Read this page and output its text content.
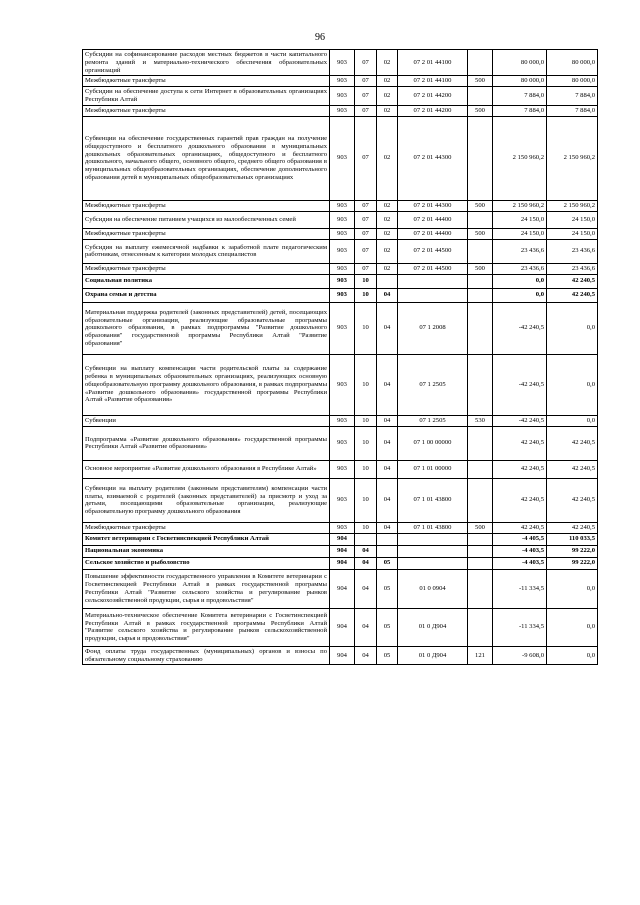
96
Субсидии на софинансирование расходов местных бюджетов в части капитального ремонта зданий и материально-технического обеспечения образовательных организаций	903	07	02	07 2 01 44100		80 000,0	80 000,0
Межбюджетные трансферты	903	07	02	07 2 01 44100	500	80 000,0	80 000,0
Субсидии на обеспечение доступа к сети Интернет в образовательных организациях Республики Алтай	903	07	02	07 2 01 44200		7 884,0	7 884,0
Межбюджетные трансферты	903	07	02	07 2 01 44200	500	7 884,0	7 884,0
Субвенции на обеспечение государственных гарантий прав граждан на получение общедоступного и бесплатного дошкольного образования в муниципальных дошкольных образовательных организациях, общедоступного и бесплатного дошкольного, начального общего, основного общего, среднего общего образования в муниципальных общеобразовательных организациях, обеспечение дополнительного образования детей в муниципальных общеобразовательных организациях	903	07	02	07 2 01 44300		2 150 960,2	2 150 960,2
Межбюджетные трансферты	903	07	02	07 2 01 44300	500	2 150 960,2	2 150 960,2
Субсидия на обеспечение питанием учащихся из малообеспеченных семей	903	07	02	07 2 01 44400		24 150,0	24 150,0
Межбюджетные трансферты	903	07	02	07 2 01 44400	500	24 150,0	24 150,0
Субсидия на выплату ежемесячной надбавки к заработной плате педагогическим работникам, отнесенным к категории молодых специалистов	903	07	02	07 2 01 44500		23 436,6	23 436,6
Межбюджетные трансферты	903	07	02	07 2 01 44500	500	23 436,6	23 436,6
Социальная политика	903	10				0,0	42 240,5
Охрана семьи и детства	903	10	04			0,0	42 240,5
Материальная поддержка родителей (законных представителей) детей, посещающих образовательные организации, реализующие образовательные программы дошкольного образования, в рамках подпрограммы "Развитие дошкольного образования" государственной программы Республики Алтай "Развитие образования"	903	10	04	07 1 2008		-42 240,5	0,0
Субвенции на выплату компенсации части родительской платы за содержание ребенка в муниципальных образовательных организациях, реализующих основную общеобразовательную программу дошкольного образования, в рамках подпрограммы «Развитие дошкольного образования» государственной программы Республики Алтай «Развитие образования»	903	10	04	07 1 2505		-42 240,5	0,0
Субвенции	903	10	04	07 1 2505	530	-42 240,5	0,0
Подпрограмма «Развитие дошкольного образования» государственной программы Республики Алтай «Развитие образования»	903	10	04	07 1 00 00000		42 240,5	42 240,5
Основное мероприятие «Развитие дошкольного образования в Республике Алтай»	903	10	04	07 1 01 00000		42 240,5	42 240,5
Субвенции на выплату родителям (законным представителям) компенсации части платы, взимаемой с родителей (законных представителей) за присмотр и уход за детьми, посещающими образовательные организации, реализующие образовательную программу дошкольного образования	903	10	04	07 1 01 43800		42 240,5	42 240,5
Межбюджетные трансферты	903	10	04	07 1 01 43800	500	42 240,5	42 240,5
Комитет ветеринарии с Госветинспекцией Республики Алтай	904					-4 405,5	110 033,5
Национальная экономика	904	04				-4 403,5	99 222,0
Сельское хозяйство и рыболовство	904	04	05			-4 403,5	99 222,0
Повышение эффективности государственного управления в Комитете ветеринарии с Госветинспекцией Республики Алтай в рамках государственной программы Республики Алтай "Развитие сельского хозяйства и регулирование рынков сельскохозяйственной продукции, сырья и продовольствия"	904	04	05	01 0 0904		-11 334,5	0,0
Материально-техническое обеспечение Комитета ветеринарии с Госветинспекцией Республики Алтай в рамках государственной программы Республики Алтай "Развитие сельского хозяйства и регулирование рынков сельскохозяйственной продукции, сырья и продовольствия"	904	04	05	01 0 Д904		-11 334,5	0,0
Фонд оплаты труда государственных (муниципальных) органов и взносы по обязательному социальному страхованию	904	04	05	01 0 Д904	121	-9 608,0	0,0
